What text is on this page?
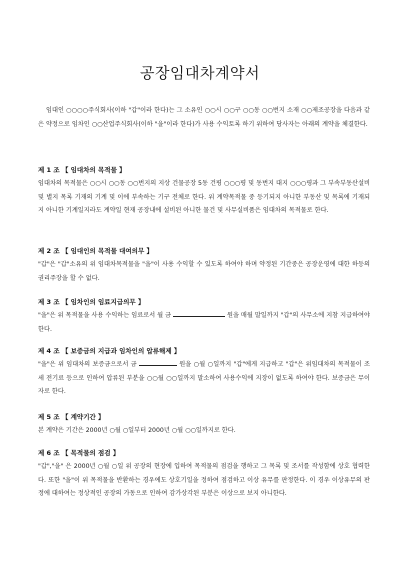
공장임대차계약서
임대인 ○○○○주식회사(이하 "갑"이라 한다)는 그 소유인 ○○시 ○○구 ○○동 ○○번지 소재 ○○제조공장을 다음과 같은 약정으로 임차인 ○○산업주식회사(이하 "을"이라 한다)가 사용 수익토록 하기 위하여 당사자는 아래의 계약을 체결한다.
제 1 조 【 임대차의 목적물 】
임대차의 목적물은 ○○시 ○○동 ○○번지의 지상 건물공장 5동 건평 ○○○평 및 동번지 대지 ○○○평과 그 부속부동산설비 및 별지 목록 기재의 기계 및 이에 부속하는 기구 전체로 한다. 위 계약목적물 중 등기되지 아니한 부동산 및 목록에 기재되지 아니한 기계일지라도 계약일 현재 공장내에 설비된 아니한 물건 및 사무실비품은 임대차의 목적물로 한다.
제 2 조 【 임대인의 목적물 대여의무 】
"갑"은 "갑"소유의 위 임대차목적물을 "을"이 사용 수익할 수 있도록 하여야 하며 약정된 기간중은 공장운영에 대한 하등의 권리주장을 할 수 없다.
제 3 조 【 임차인의 임료지급의무 】
"을"은 위 목적물을 사용 수익하는 임료로서 월 금	원을 매월 말일까지 "갑"의 사무소에 지참 지급하여야 한다.
제 4 조 【 보증금의 지급과 임차인의 압류해제 】
"을"은 위 임대차의 보증금으로서 금	원을 ○월 ○일까지 "갑"에게 지급하고 "갑"은 위임대차의 목적물이 조세 전기료 등으로 인하여 압류된 부분을 ○○월 ○○일까지 말소하여 사용수익에 지장이 없도록 하여야 한다. 보증금은 무이자로 한다.
제 5 조 【 계약기간 】
본 계약은 기간은 2000년 ○월 ○일부터 2000년 ○월 ○○일까지로 한다.
제 6 조 【 목적물의 점검 】
"갑","을" 은 2000년 ○월 ○일 위 공장의 현장에 입하여 목적물의 점검을 행하고 그 목록 및 조서를 작성함에 상호 협력한다. 또한 "을"이 위 목적물을 반환하는 경우에도 상호기일을 정하여 점검하고 이상 유무를 판정한다. 이 경우 이상유무의 판정에 대하여는 정상적인 공장의 가동으로 인하여 감가상각된 부분은 이상으로 보지 아니한다.
